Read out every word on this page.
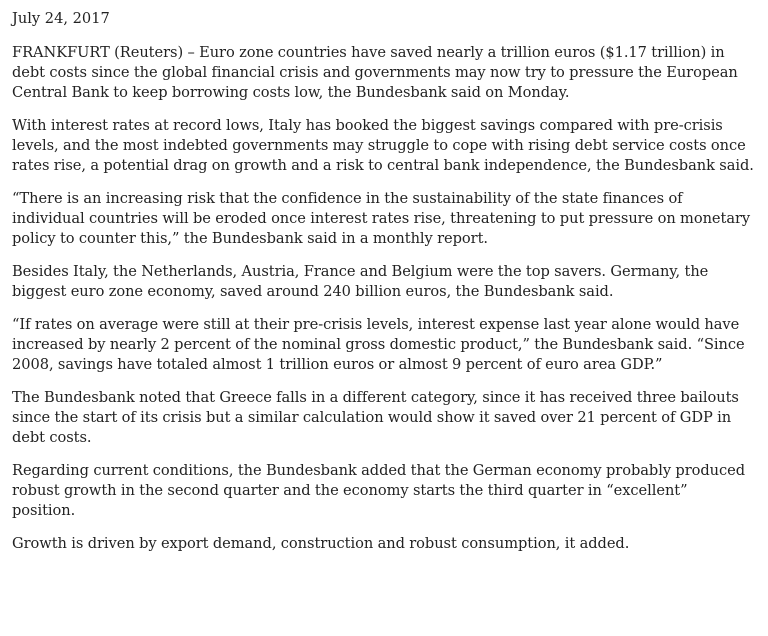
July 24, 2017

FRANKFURT (Reuters) – Euro zone countries have saved nearly a trillion euros ($1.17 trillion) in debt costs since the global financial crisis and governments may now try to pressure the European Central Bank to keep borrowing costs low, the Bundesbank said on Monday.

With interest rates at record lows, Italy has booked the biggest savings compared with pre-crisis levels, and the most indebted governments may struggle to cope with rising debt service costs once rates rise, a potential drag on growth and a risk to central bank independence, the Bundesbank said.

“There is an increasing risk that the confidence in the sustainability of the state finances of individual countries will be eroded once interest rates rise, threatening to put pressure on monetary policy to counter this,” the Bundesbank said in a monthly report.

Besides Italy, the Netherlands, Austria, France and Belgium were the top savers. Germany, the biggest euro zone economy, saved around 240 billion euros, the Bundesbank said.

“If rates on average were still at their pre-crisis levels, interest expense last year alone would have increased by nearly 2 percent of the nominal gross domestic product,” the Bundesbank said. “Since 2008, savings have totaled almost 1 trillion euros or almost 9 percent of euro area GDP.”

The Bundesbank noted that Greece falls in a different category, since it has received three bailouts since the start of its crisis but a similar calculation would show it saved over 21 percent of GDP in debt costs.

Regarding current conditions, the Bundesbank added that the German economy probably produced robust growth in the second quarter and the economy starts the third quarter in “excellent” position.

Growth is driven by export demand, construction and robust consumption, it added.
